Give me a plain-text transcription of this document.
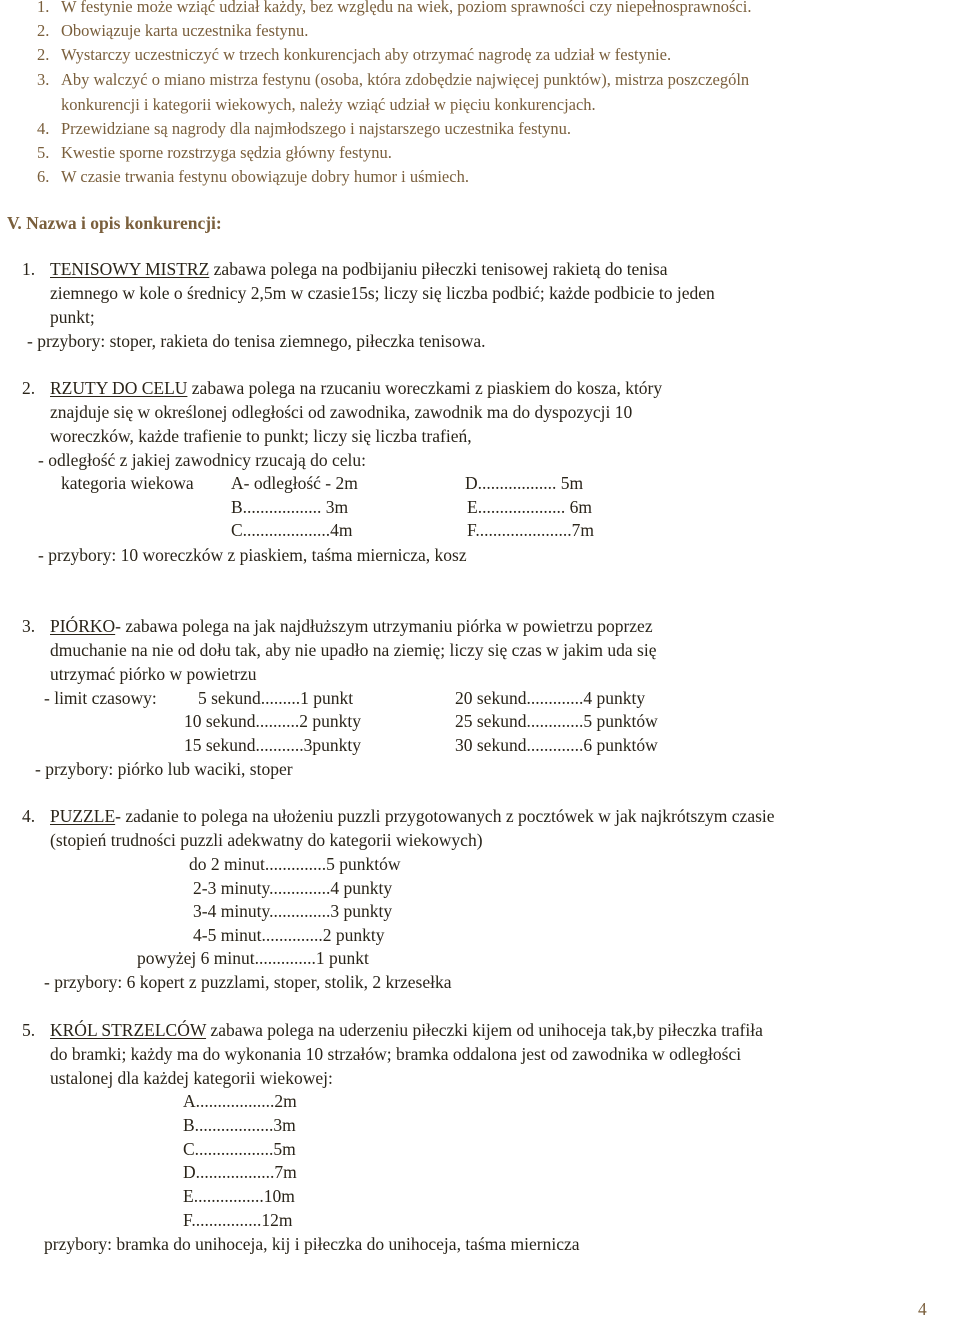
1. W festynie może wziąć udział każdy, bez względu na wiek, poziom sprawności czy niepełnosprawności.
2. Obowiązuje karta uczestnika festynu.
2. Wystarczy uczestniczyć w trzech konkurencjach aby otrzymać nagrodę za udział w festynie.
3. Aby walczyć o miano mistrza festynu (osoba, która zdobędzie najwięcej punktów), mistrza poszczególn
konkurencji i kategorii wiekowych, należy wziąć udział w pięciu konkurencjach.
4. Przewidziane są nagrody dla najmłodszego i najstarszego uczestnika festynu.
5. Kwestie sporne rozstrzyga sędzia główny festynu.
6. W czasie trwania festynu obowiązuje dobry humor i uśmiech.
V. Nazwa i opis konkurencji:
1. TENISOWY MISTRZ zabawa polega na podbijaniu piłeczki tenisowej rakietą do tenisa
ziemnego w kole o średnicy 2,5m w czasie15s; liczy się liczba podbić; każde podbicie to jeden
punkt;
- przybory: stoper, rakieta do tenisa ziemnego, piłeczka tenisowa.
2. RZUTY DO CELU zabawa polega na rzucaniu woreczkami z piaskiem do kosza, który
znajduje się w określonej odległości od zawodnika, zawodnik ma do dyspozycji 10
woreczków, każde trafienie to punkt; liczy się liczba trafień,
- odległość z jakiej zawodnicy rzucają do celu:
kategoria wiekowa A- odległość - 2m
B.................. 3m
C....................4m
D.................. 5m
E.................... 6m
F......................7m
- przybory: 10 woreczków z piaskiem, taśma miernicza, kosz
3. PIÓRKO- zabawa polega na jak najdłuższym utrzymaniu piórka w powietrzu poprzez
dmuchanie na nie od dołu tak, aby nie upadło na ziemię; liczy się czas w jakim uda się
utrzymać piórko w powietrzu
- limit czasowy: 5 sekund.........1 punkt
10 sekund..........2 punkty
15 sekund...........3punkty
20 sekund.............4 punkty
25 sekund.............5 punktów
30 sekund.............6 punktów
- przybory: piórko lub waciki, stoper
4. PUZZLE- zadanie to polega na ułożeniu puzzli przygotowanych z pocztówek w jak najkrótszym czasie
(stopień trudności puzzli adekwatny do kategorii wiekowych)
do 2 minut..............5 punktów
2-3 minuty..............4 punkty
3-4 minuty..............3 punkty
4-5 minut..............2 punkty
powyżej 6 minut..............1 punkt
- przybory: 6 kopert z puzzlami, stoper, stolik, 2 krzesełka
5. KRÓL STRZELCÓW zabawa polega na uderzeniu piłeczki kijem od unihoceja tak,by piłeczka trafiła
do bramki; każdy ma do wykonania 10 strzałów; bramka oddalona jest od zawodnika w odległości
ustalonej dla każdej kategorii wiekowej:
A..................2m
B..................3m
C..................5m
D..................7m
E................10m
F................12m
przybory: bramka do unihoceja, kij i piłeczka do unihoceja, taśma miernicza
4
